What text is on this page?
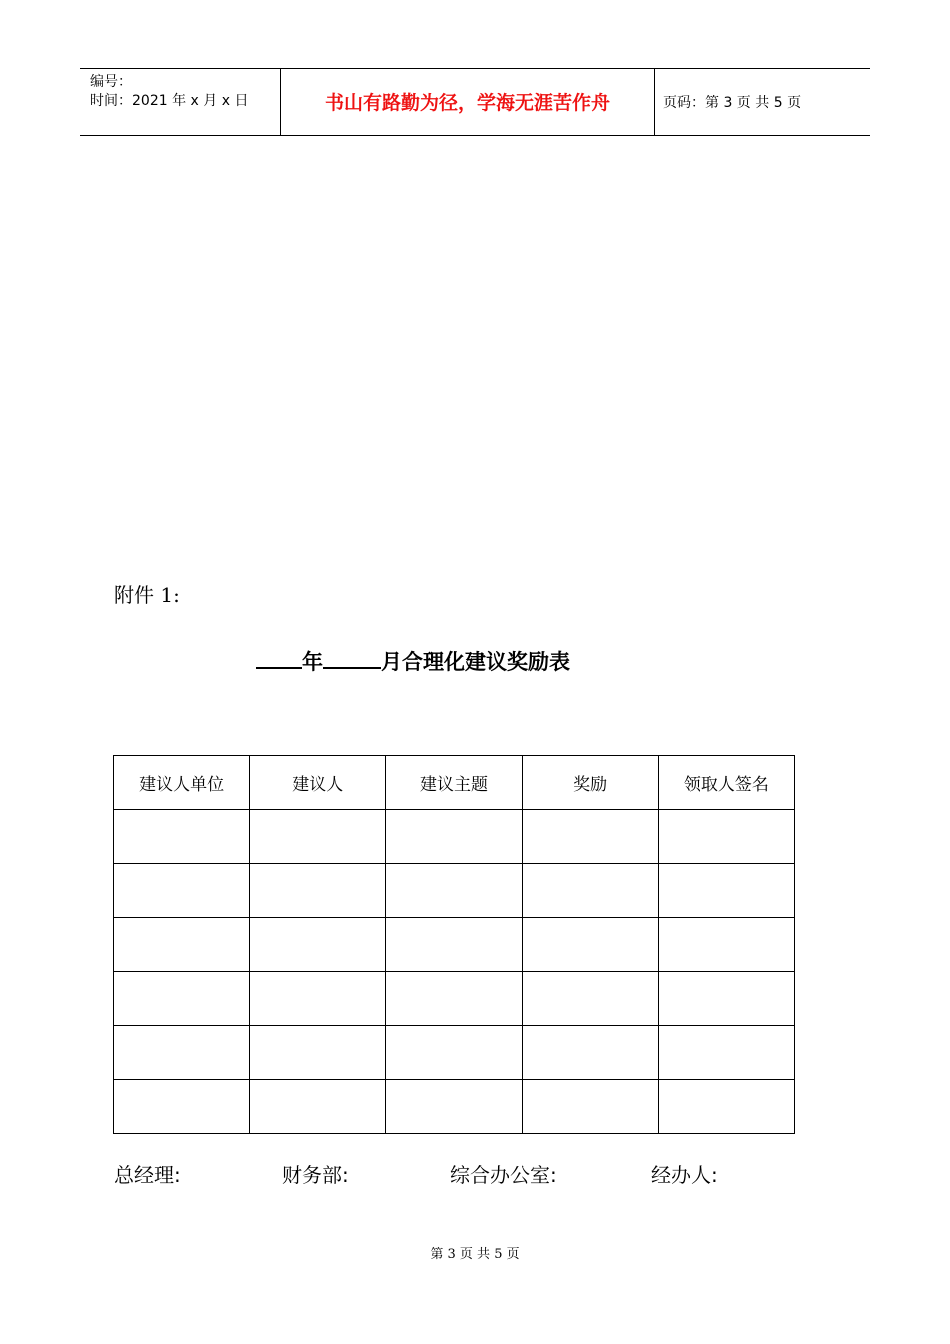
编号：
时间：2021 年 x 月 x 日	书山有路勤为径，学海无涯苦作舟	页码：第 3 页 共 5 页
附件 1:
年	月合理化建议奖励表
建议人单位	建议人	建议主题	奖励	领取人签名

总经理:	财务部:	综合办公室:	经办人:
第 3 页 共 5 页
